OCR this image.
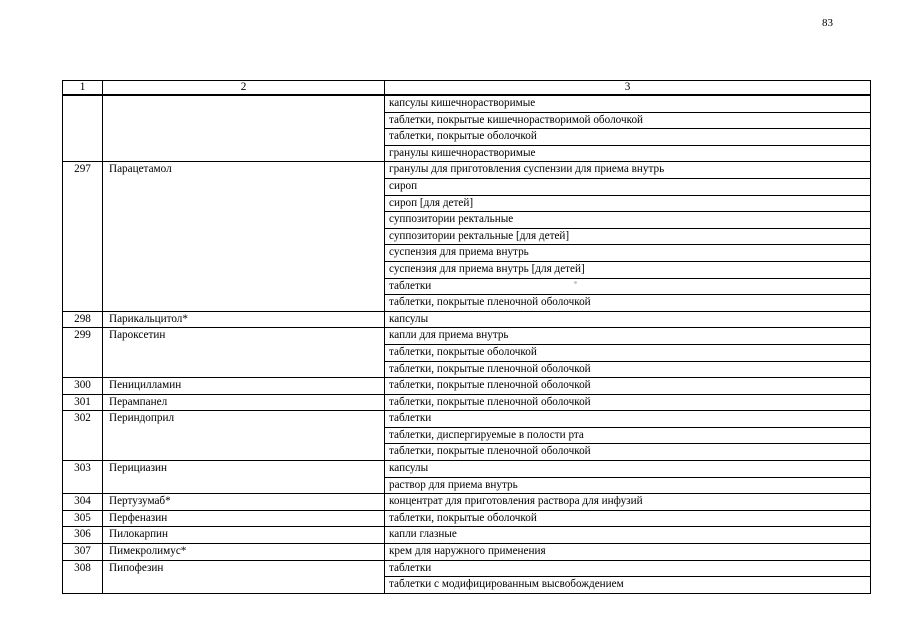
83
1	2	3
		капсулы кишечнорастворимые
		таблетки, покрытые кишечнорастворимой оболочкой
		таблетки, покрытые оболочкой
		гранулы кишечнорастворимые
297	Парацетамол	гранулы для приготовления суспензии для приема внутрь
		сироп
		сироп [для детей]
		суппозитории ректальные
		суппозитории ректальные [для детей]
		суспензия для приема внутрь
		суспензия для приема внутрь [для детей]
		таблетки
		таблетки, покрытые пленочной оболочкой
298	Парикальцитол*	капсулы
299	Пароксетин	капли для приема внутрь
		таблетки, покрытые оболочкой
		таблетки, покрытые пленочной оболочкой
300	Пеницилламин	таблетки, покрытые пленочной оболочкой
301	Перампанел	таблетки, покрытые пленочной оболочкой
302	Периндоприл	таблетки
		таблетки, диспергируемые в полости рта
		таблетки, покрытые пленочной оболочкой
303	Перициазин	капсулы
		раствор для приема внутрь
304	Пертузумаб*	концентрат для приготовления раствора для инфузий
305	Перфеназин	таблетки, покрытые оболочкой
306	Пилокарпин	капли глазные
307	Пимекролимус*	крем для наружного применения
308	Пипофезин	таблетки
		таблетки с модифицированным высвобождением
